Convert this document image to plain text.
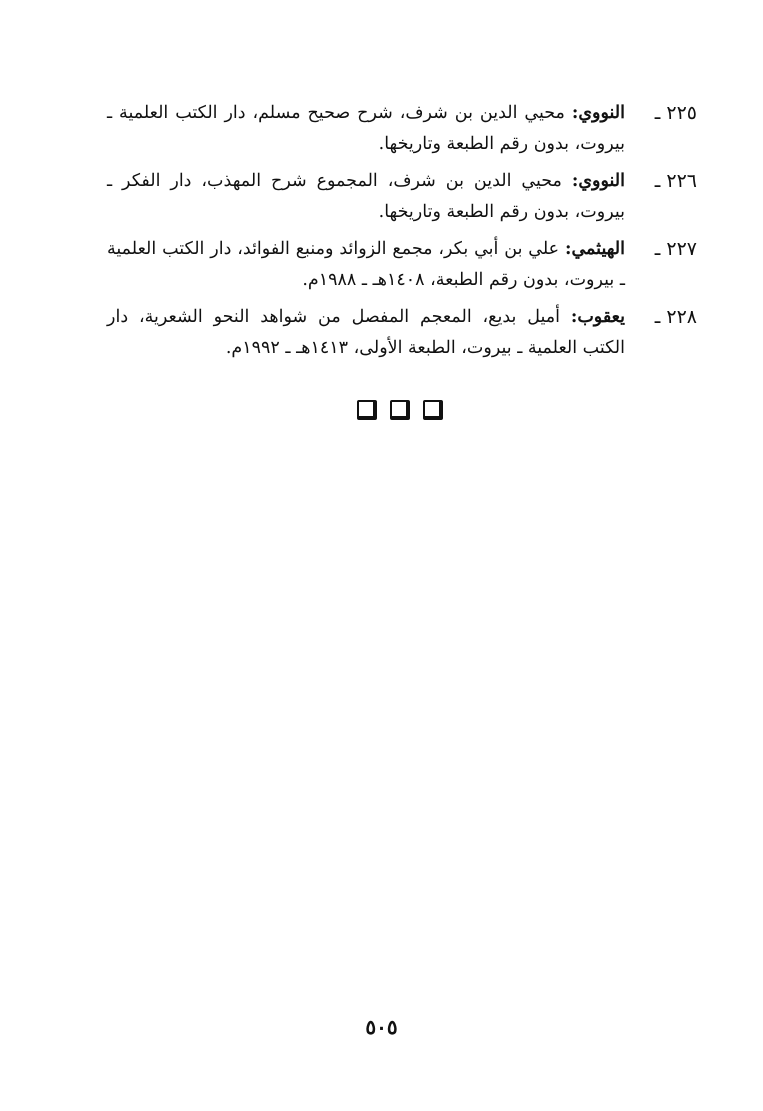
٢٢٥ ـ
النووي: محيي الدين بن شرف، شرح صحيح مسلم، دار الكتب العلمية ـ بيروت، بدون رقم الطبعة وتاريخها.
٢٢٦ ـ
النووي: محيي الدين بن شرف، المجموع شرح المهذب، دار الفكر ـ بيروت، بدون رقم الطبعة وتاريخها.
٢٢٧ ـ
الهيثمي: علي بن أبي بكر، مجمع الزوائد ومنبع الفوائد، دار الكتب العلمية ـ بيروت، بدون رقم الطبعة، ١٤٠٨هـ ـ ١٩٨٨م.
٢٢٨ ـ
يعقوب: أميل بديع، المعجم المفصل من شواهد النحو الشعرية، دار الكتب العلمية ـ بيروت، الطبعة الأولى، ١٤١٣هـ ـ ١٩٩٢م.
٥٠٥
